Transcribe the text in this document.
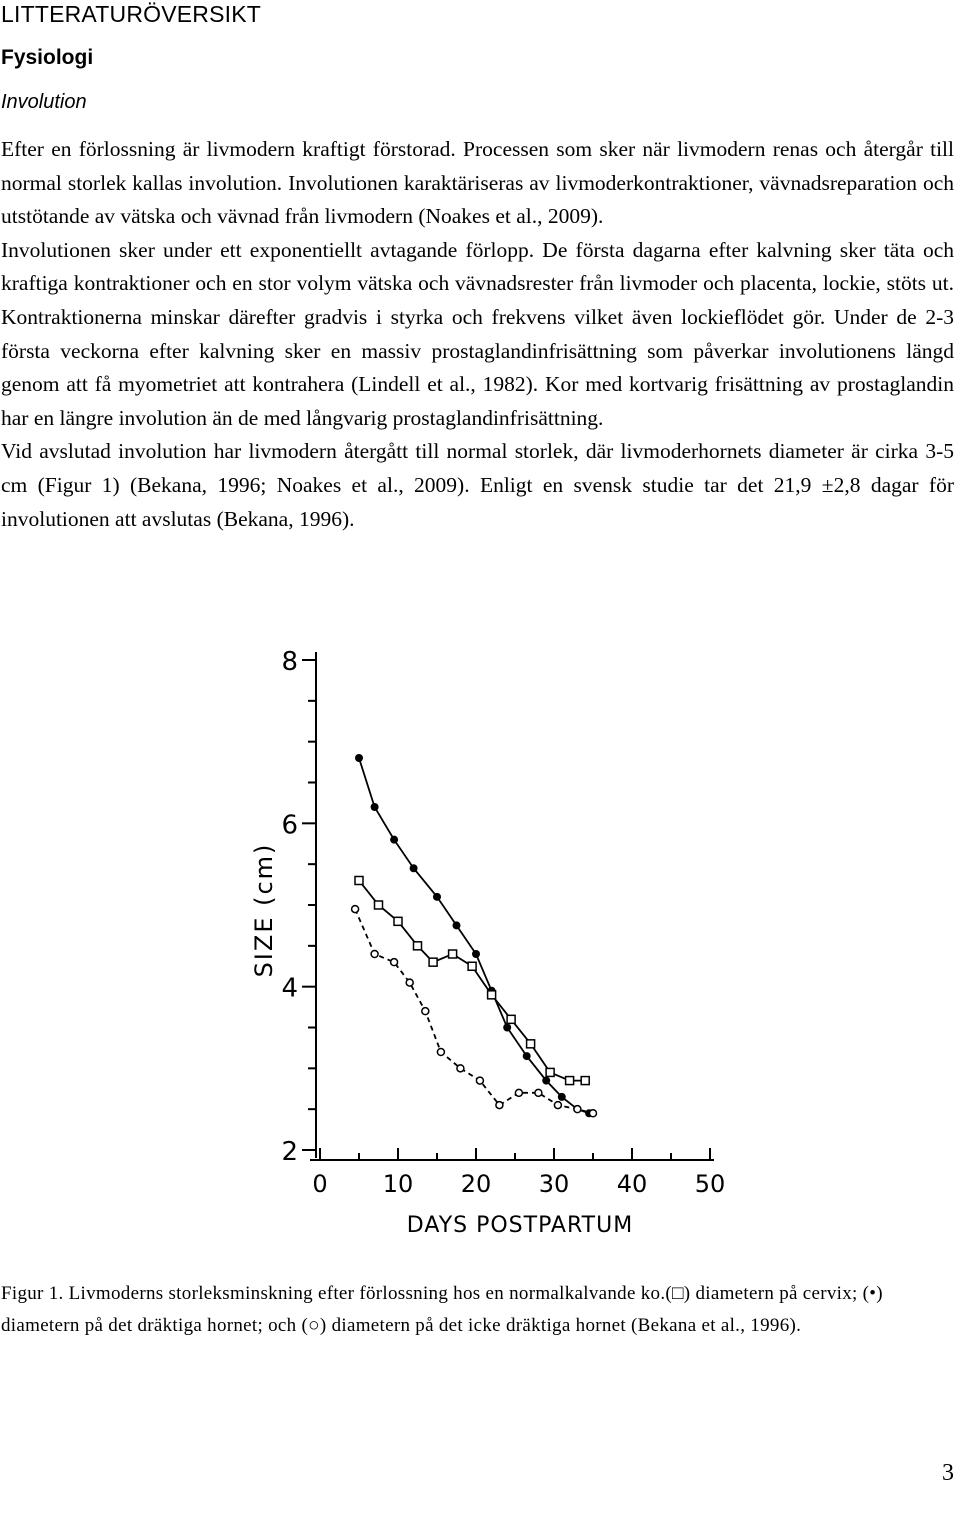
LITTERATURÖVERSIKT
Fysiologi
Involution

Efter en förlossning är livmodern kraftigt förstorad. Processen som sker när livmodern renas och återgår till normal storlek kallas involution. Involutionen karaktäriseras av livmoderkontraktioner, vävnadsreparation och utstötande av vätska och vävnad från livmodern (Noakes et al., 2009).

Involutionen sker under ett exponentiellt avtagande förlopp. De första dagarna efter kalvning sker täta och kraftiga kontraktioner och en stor volym vätska och vävnadsrester från livmoder och placenta, lockie, stöts ut. Kontraktionerna minskar därefter gradvis i styrka och frekvens vilket även lockieflödet gör. Under de 2-3 första veckorna efter kalvning sker en massiv prostaglandinfrisättning som påverkar involutionens längd genom att få myometriet att kontrahera (Lindell et al., 1982). Kor med kortvarig frisättning av prostaglandin har en längre involution än de med långvarig prostaglandinfrisättning.

Vid avslutad involution har livmodern återgått till normal storlek, där livmoderhornets diameter är cirka 3-5 cm (Figur 1) (Bekana, 1996; Noakes et al., 2009). Enligt en svensk studie tar det 21,9 ±2,8 dagar för involutionen att avslutas (Bekana, 1996).

2
4
6
8
0 10 20 30 40 50
DAYS POSTPARTUM
SIZE (cm)

Figur 1. Livmoderns storleksminskning efter förlossning hos en normalkalvande ko.(□) diametern på cervix; (•) diametern på det dräktiga hornet; och (○) diametern på det icke dräktiga hornet (Bekana et al., 1996).

3
